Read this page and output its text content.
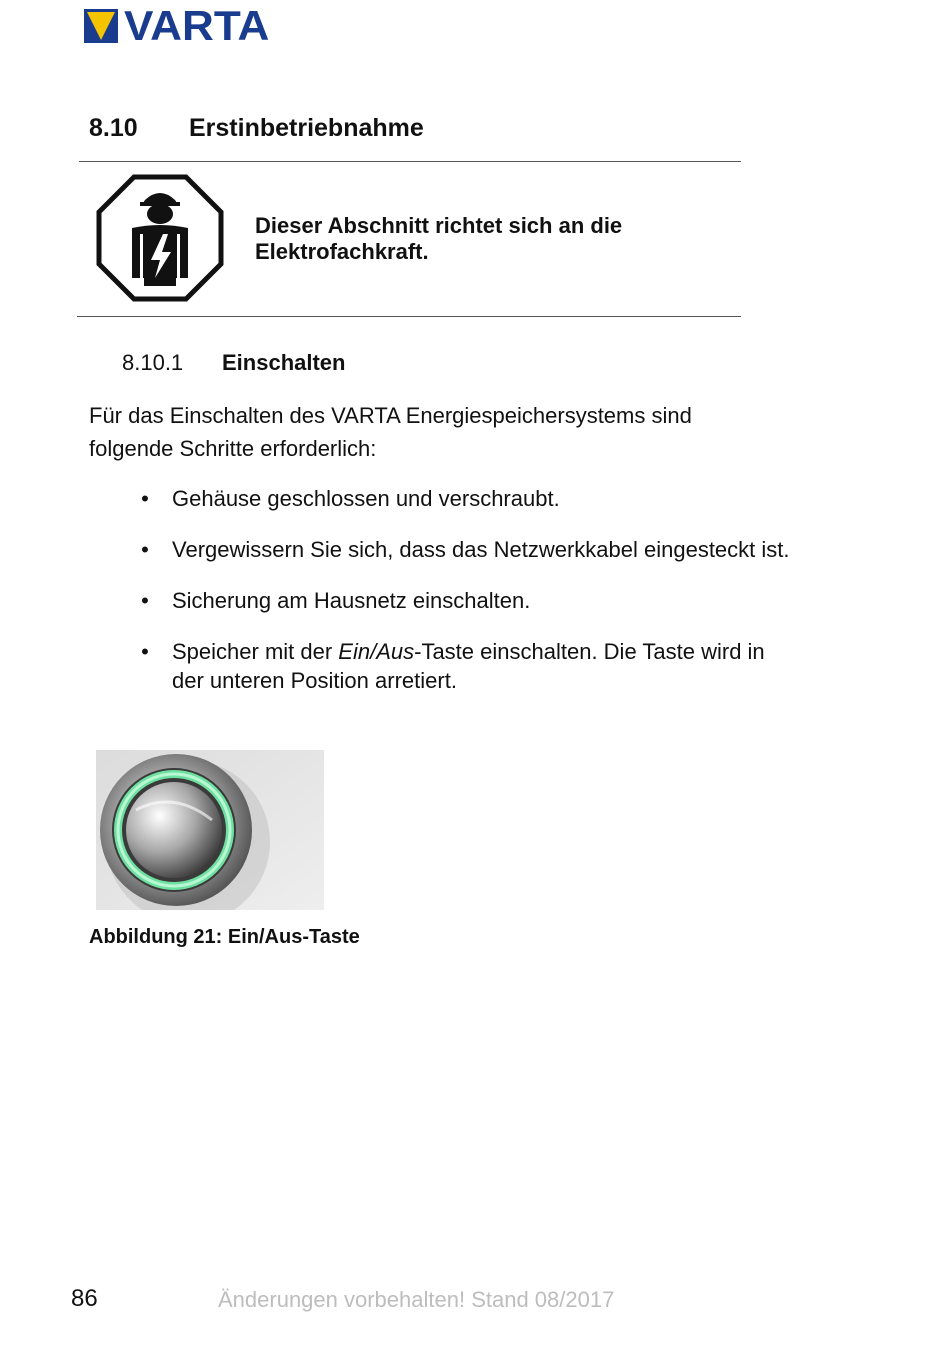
VARTA
8.10 Erstinbetriebnahme
Dieser Abschnitt richtet sich an die Elektrofachkraft.
8.10.1 Einschalten
Für das Einschalten des VARTA Energiespeichersystems sind folgende Schritte erforderlich:
• Gehäuse geschlossen und verschraubt.
• Vergewissern Sie sich, dass das Netzwerkkabel eingesteckt ist.
• Sicherung am Hausnetz einschalten.
• Speicher mit der Ein/Aus-Taste einschalten. Die Taste wird in der unteren Position arretiert.
Abbildung 21: Ein/Aus-Taste
86	Änderungen vorbehalten! Stand 08/2017
